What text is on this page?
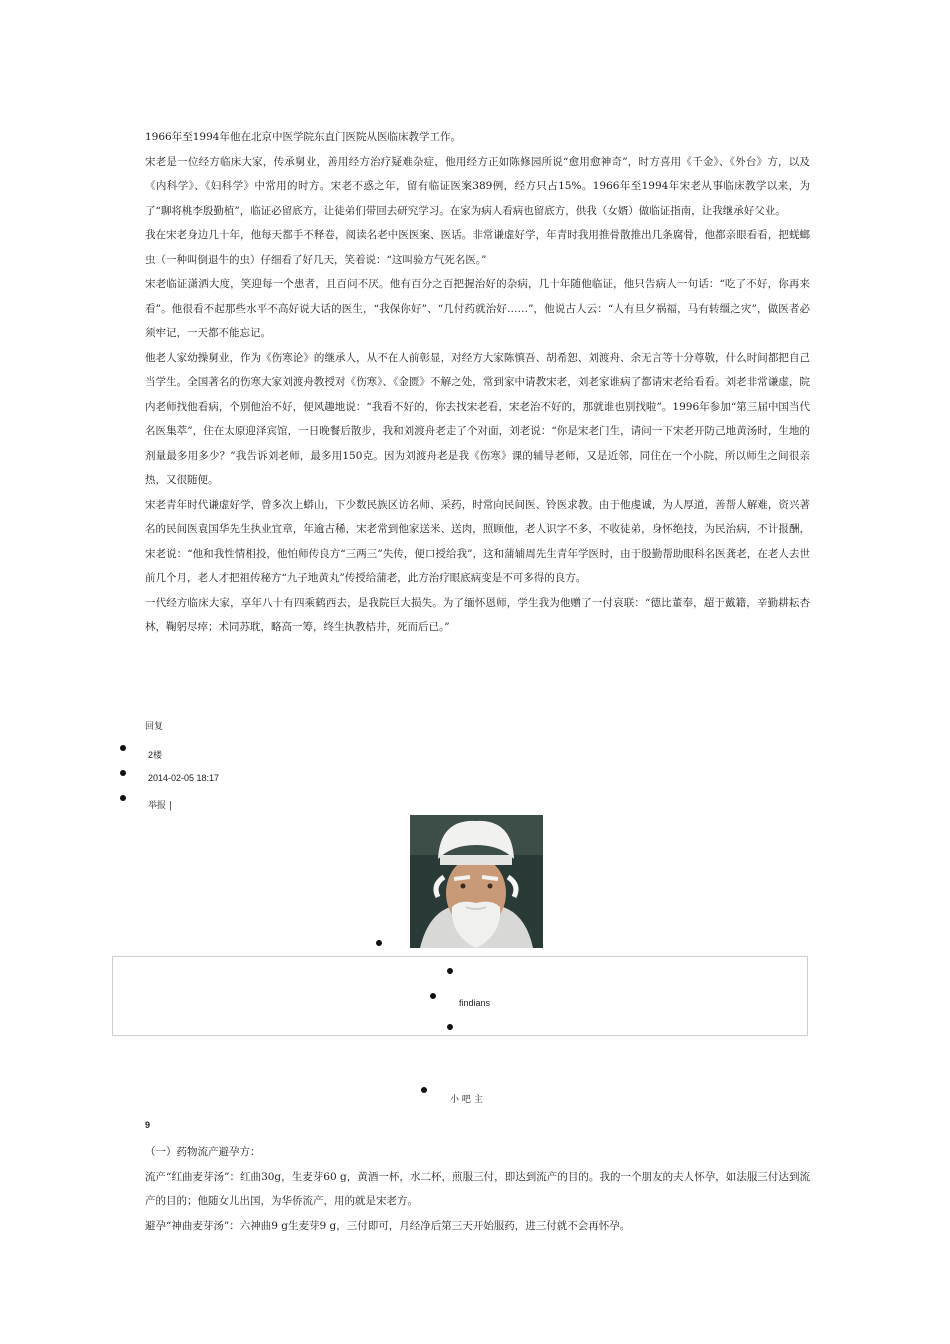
1966年至1994年他在北京中医学院东直门医院从医临床教学工作。

宋老是一位经方临床大家，传承舅业，善用经方治疗疑难杂症，他用经方正如陈修园所说“愈用愈神奇”，时方喜用《千金》、《外台》方，以及《内科学》、《妇科学》中常用的时方。宋老不惑之年，留有临证医案389例，经方只占15%。1966年至1994年宋老从事临床教学以来，为了“聊将桃李殷勤植”，临证必留底方，让徒弟们带回去研究学习。在家为病人看病也留底方，供我（女婿）做临证指南，让我继承好父业。

我在宋老身边几十年，他每天都手不释卷，阅读名老中医医案、医话。非常谦虚好学，年青时我用推骨散推出几条腐骨，他都亲眼看看，把蜣螂虫（一种叫倒退牛的虫）仔细看了好几天，笑着说：“这叫验方气死名医。”

宋老临证潇洒大度，笑迎每一个患者，且百问不厌。他有百分之百把握治好的杂病，几十年随他临证，他只告病人一句话：“吃了不好，你再来看”。他很看不起那些水平不高好说大话的医生，“我保你好”、“几付药就治好……”，他说古人云：“人有旦夕祸福，马有转缰之灾”，做医者必须牢记，一天都不能忘记。

他老人家幼操舅业，作为《伤寒论》的继承人，从不在人前彰显，对经方大家陈慎吾、胡希恕、刘渡舟、余无言等十分尊敬，什么时间都把自己当学生。全国著名的伤寒大家刘渡舟教授对《伤寒》、《金匮》不解之处，常到家中请教宋老，刘老家谁病了都请宋老给看看。刘老非常谦虚，院内老师找他看病，个别他治不好，便风趣地说：“我看不好的，你去找宋老看，宋老治不好的，那就谁也别找啦”。1996年参加“第三届中国当代名医集萃”，住在太原迎泽宾馆，一日晚餐后散步，我和刘渡舟老走了个对面，刘老说：“你是宋老门生，请问一下宋老开防己地黄汤时，生地的剂量最多用多少？”我告诉刘老师，最多用150克。因为刘渡舟老是我《伤寒》课的辅导老师，又是近邻，同住在一个小院，所以师生之间很亲热，又很随便。

宋老青年时代谦虚好学，曾多次上蟒山，下少数民族区访名师、采药，时常向民间医、铃医求教。由于他虔诚，为人厚道，善帮人解难，资兴著名的民间医袁国华先生执业宜章，年逾古稀，宋老常到他家送米、送肉，照顾他，老人识字不多，不收徒弟，身怀绝技，为民治病，不计报酬，宋老说：“他和我性情相投，他怕师传良方“三两三”失传，便口授给我”，这和蒲辅周先生青年学医时，由于殷勤帮助眼科名医龚老，在老人去世前几个月，老人才把祖传秘方“九子地黄丸”传授给蒲老，此方治疗眼底病变是不可多得的良方。

一代经方临床大家，享年八十有四乘鹤西去，是我院巨大损失。为了缅怀恩师，学生我为他赠了一付哀联：“德比董奉，超于戴籍，辛勤耕耘杏林，鞠躬尽瘁；术同苏耽，略高一筹，终生执教桔井，死而后已。”

回复
2楼
2014-02-05 18:17
举报 |
findians
小 吧 主
9

（一）药物流产避孕方：

流产“红曲麦芽汤”：红曲30g，生麦芽60 g，黄酒一杯，水二杯，煎服三付，即达到流产的目的。我的一个朋友的夫人怀孕，如法服三付达到流产的目的；他随女儿出国，为华侨流产，用的就是宋老方。

避孕“神曲麦芽汤”：六神曲9 g生麦芽9 g，三付即可，月经净后第三天开始服药，进三付就不会再怀孕。
